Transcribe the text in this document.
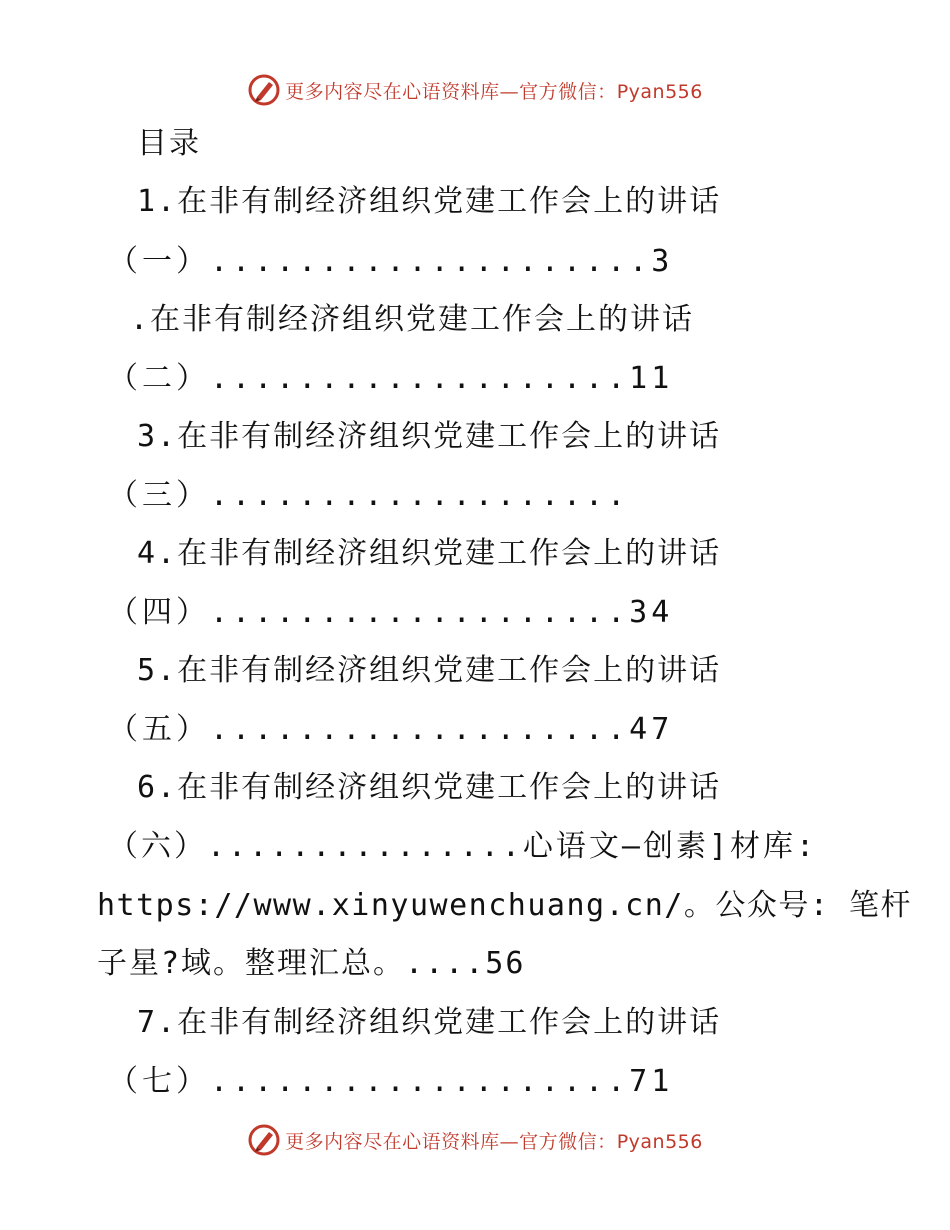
更多内容尽在心语资料库—官方微信：Pyan556
目录
1.在非有制经济组织党建工作会上的讲话
（一）....................3
.在非有制经济组织党建工作会上的讲话
（二）...................11
3.在非有制经济组织党建工作会上的讲话
（三）...................
4.在非有制经济组织党建工作会上的讲话
（四）...................34
5.在非有制经济组织党建工作会上的讲话
（五）...................47
6.在非有制经济组织党建工作会上的讲话
（六）...............心语文—创素]材库:
https://www.xinyuwenchuang.cn/。公众号: 笔杆
子星?域。整理汇总。....56
7.在非有制经济组织党建工作会上的讲话
（七）...................71
更多内容尽在心语资料库—官方微信：Pyan556
